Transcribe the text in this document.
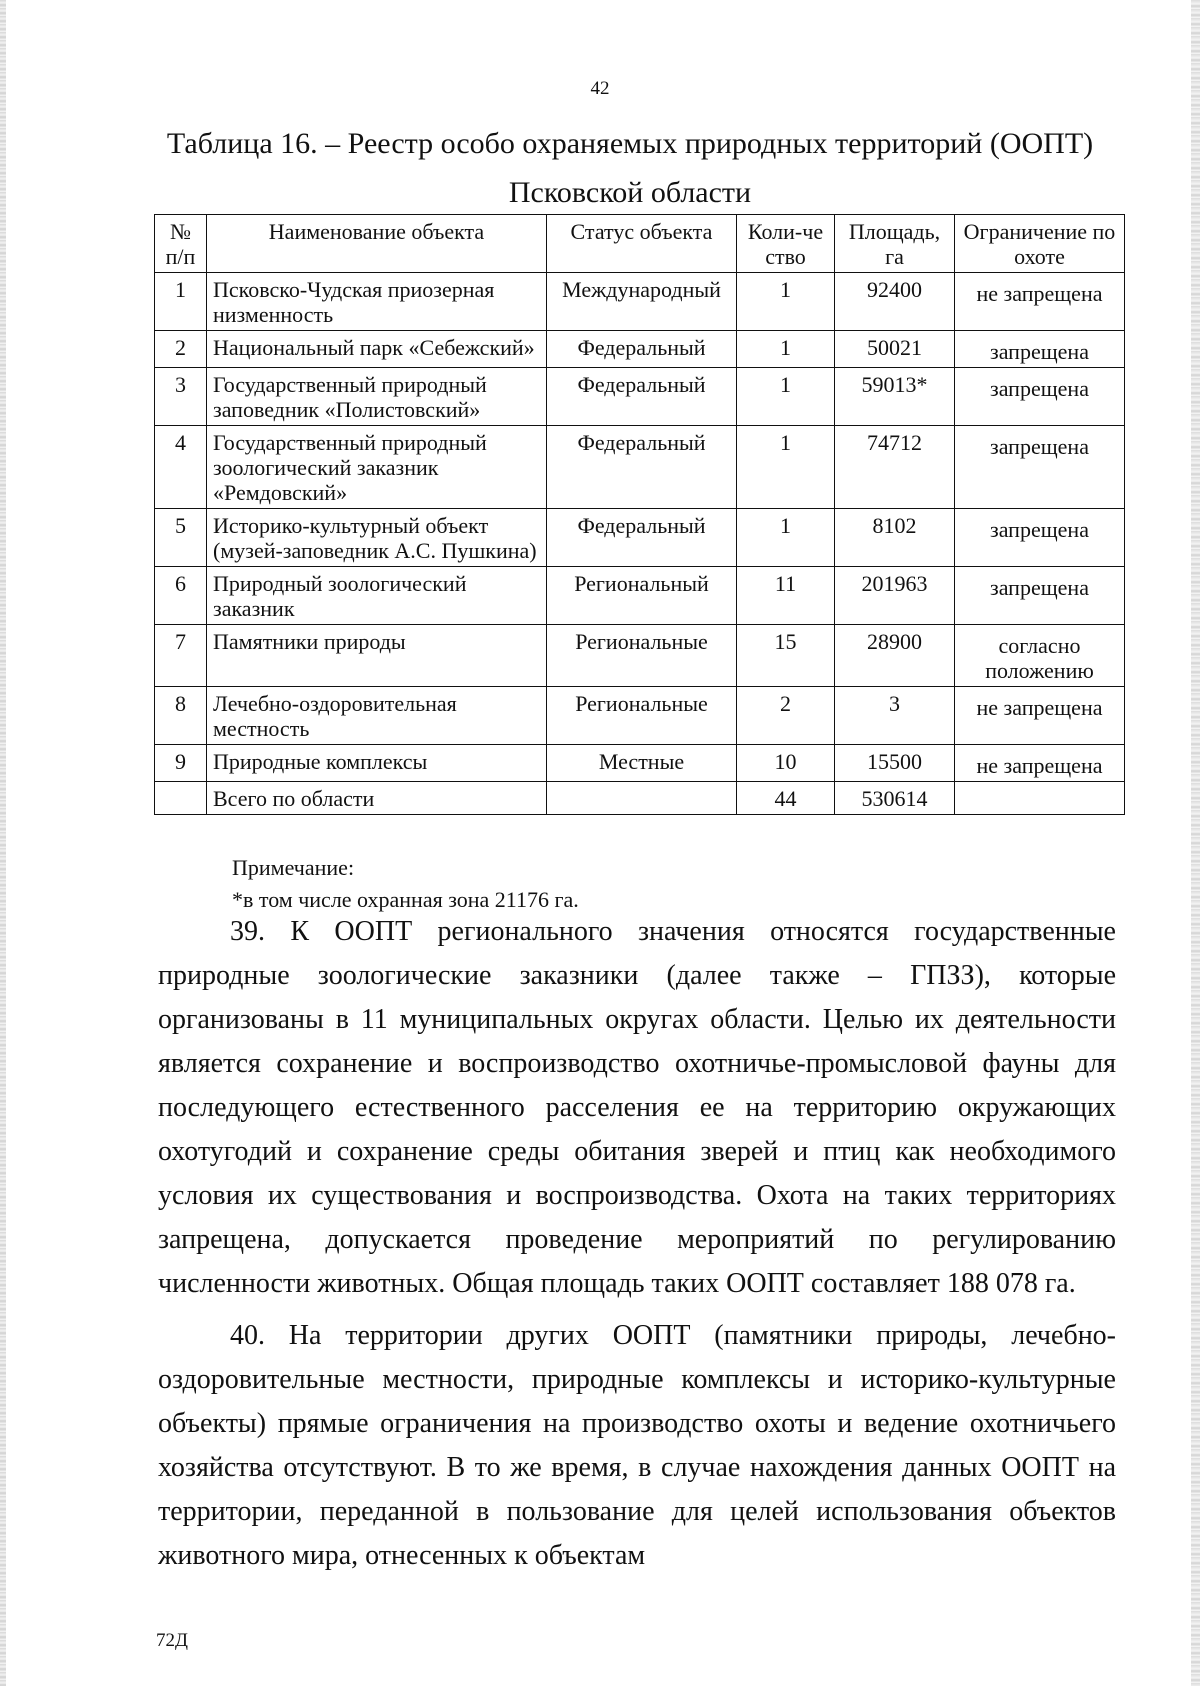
42
Таблица 16. – Реестр особо охраняемых природных территорий (ООПТ)
Псковской области
№ п/п	Наименование объекта	Статус объекта	Коли-чество	Площадь, га	Ограничение по охоте
1	Псковско-Чудская приозерная низменность	Международный	1	92400	не запрещена
2	Национальный парк «Себежский»	Федеральный	1	50021	запрещена
3	Государственный природный заповедник «Полистовский»	Федеральный	1	59013*	запрещена
4	Государственный природный зоологический заказник «Ремдовский»	Федеральный	1	74712	запрещена
5	Историко-культурный объект (музей-заповедник А.С. Пушкина)	Федеральный	1	8102	запрещена
6	Природный зоологический заказник	Региональный	11	201963	запрещена
7	Памятники природы	Региональные	15	28900	согласно положению
8	Лечебно-оздоровительная местность	Региональные	2	3	не запрещена
9	Природные комплексы	Местные	10	15500	не запрещена
	Всего по области		44	530614	
Примечание:
*в том числе охранная зона 21176 га.

39. К ООПТ регионального значения относятся государственные природные зоологические заказники (далее также – ГПЗЗ), которые организованы в 11 муниципальных округах области. Целью их деятельности является сохранение и воспроизводство охотничье-промысловой фауны для последующего естественного расселения ее на территорию окружающих охотугодий и сохранение среды обитания зверей и птиц как необходимого условия их существования и воспроизводства. Охота на таких территориях запрещена, допускается проведение мероприятий по регулированию численности животных. Общая площадь таких ООПТ составляет 188 078 га.

40. На территории других ООПТ (памятники природы, лечебно-оздоровительные местности, природные комплексы и историко-культурные объекты) прямые ограничения на производство охоты и ведение охотничьего хозяйства отсутствуют. В то же время, в случае нахождения данных ООПТ на территории, переданной в пользование для целей использования объектов животного мира, отнесенных к объектам

72Д
